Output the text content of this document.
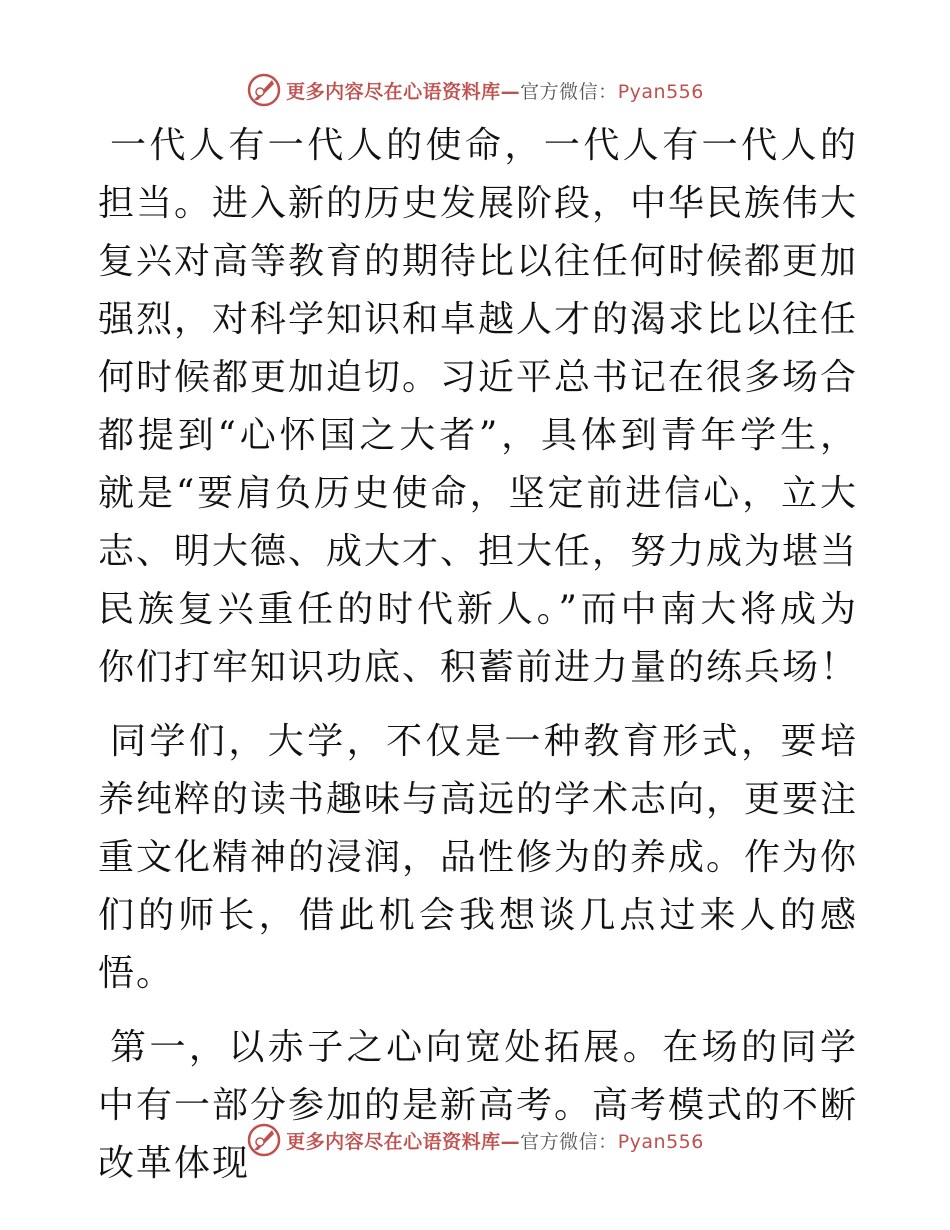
更多内容尽在心语资料库—官方微信：Pyan556

一代人有一代人的使命，一代人有一代人的担当。进入新的历史发展阶段，中华民族伟大复兴对高等教育的期待比以往任何时候都更加强烈，对科学知识和卓越人才的渴求比以往任何时候都更加迫切。习近平总书记在很多场合都提到“心怀国之大者”，具体到青年学生，就是“要肩负历史使命，坚定前进信心，立大志、明大德、成大才、担大任，努力成为堪当民族复兴重任的时代新人。”而中南大将成为你们打牢知识功底、积蓄前进力量的练兵场！

同学们，大学，不仅是一种教育形式，要培养纯粹的读书趣味与高远的学术志向，更要注重文化精神的浸润，品性修为的养成。作为你们的师长，借此机会我想谈几点过来人的感悟。

第一，以赤子之心向宽处拓展。在场的同学中有一部分参加的是新高考。高考模式的不断改革体现

更多内容尽在心语资料库—官方微信：Pyan556
